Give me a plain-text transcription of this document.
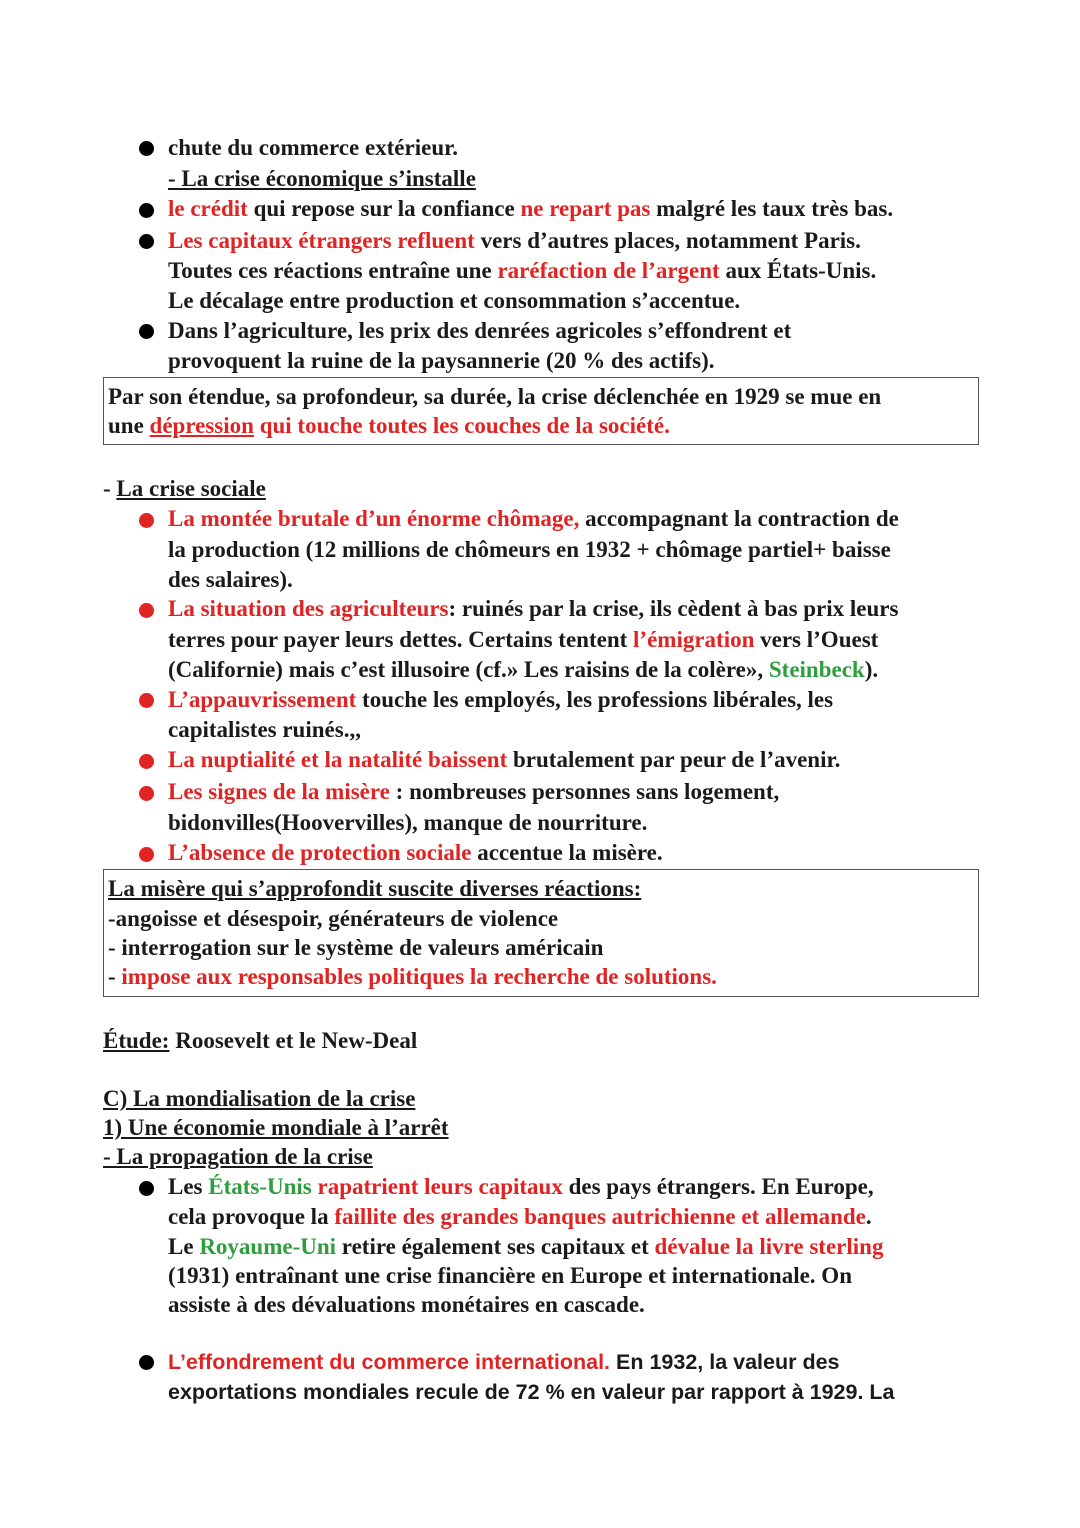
chute du commerce extérieur.
- La crise économique s’installe
le crédit qui repose sur la confiance ne repart pas malgré les taux très bas.
Les capitaux étrangers refluent vers d’autres places, notamment Paris.
Toutes ces réactions entraîne une raréfaction de l’argent aux États-Unis.
Le décalage entre production et consommation s’accentue.
Dans l’agriculture, les prix des denrées agricoles s’effondrent et
provoquent la ruine de la paysannerie (20 % des actifs).
Par son étendue, sa profondeur, sa durée, la crise déclenchée en 1929 se mue en
une dépression qui touche toutes les couches de la société.
- La crise sociale
La montée brutale d’un énorme chômage, accompagnant la contraction de
la production (12 millions de chômeurs en 1932 + chômage partiel+ baisse
des salaires).
La situation des agriculteurs: ruinés par la crise, ils cèdent à bas prix leurs
terres pour payer leurs dettes. Certains tentent l’émigration vers l’Ouest
(Californie) mais c’est illusoire (cf.» Les raisins de la colère», Steinbeck).
L’appauvrissement touche les employés, les professions libérales, les
capitalistes ruinés.,,
La nuptialité et la natalité baissent brutalement par peur de l’avenir.
Les signes de la misère : nombreuses personnes sans logement,
bidonvilles(Hoovervilles), manque de nourriture.
L’absence de protection sociale accentue la misère.
La misère qui s’approfondit suscite diverses réactions:
-angoisse et désespoir, générateurs de violence
- interrogation sur le système de valeurs américain
- impose aux responsables politiques la recherche de solutions.
Étude: Roosevelt et le New-Deal
C) La mondialisation de la crise
1) Une économie mondiale à l’arrêt
- La propagation de la crise
Les États-Unis rapatrient leurs capitaux des pays étrangers. En Europe,
cela provoque la faillite des grandes banques autrichienne et allemande.
Le Royaume-Uni retire également ses capitaux et dévalue la livre sterling
(1931) entraînant une crise financière en Europe et internationale. On
assiste à des dévaluations monétaires en cascade.
L’effondrement du commerce international. En 1932, la valeur des
exportations mondiales recule de 72 % en valeur par rapport à 1929. La
